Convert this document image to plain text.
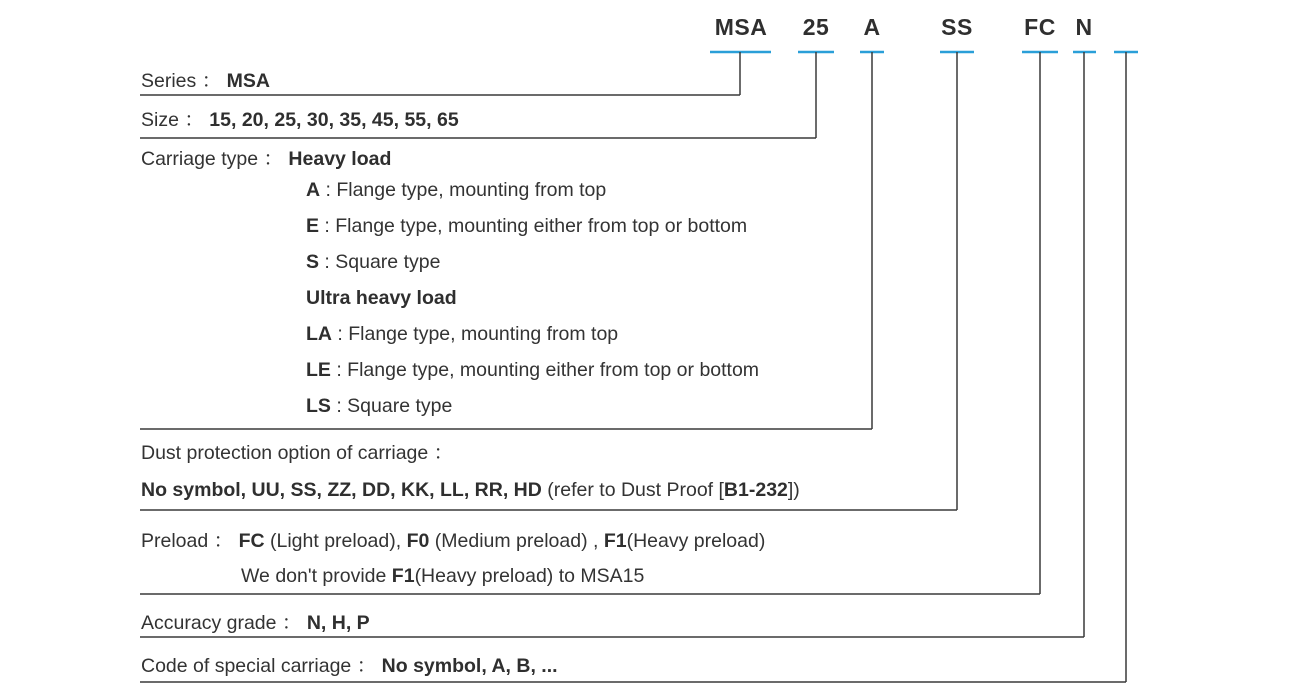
MSA	25	A	SS	FC N
Series ： MSA
Size ： 15, 20, 25, 30, 35, 45, 55, 65
Carriage type ： Heavy load
A : Flange type, mounting from top
E : Flange type, mounting either from top or bottom
S : Square type
Ultra heavy load
LA : Flange type, mounting from top
LE : Flange type, mounting either from top or bottom
LS : Square type
Dust protection option of carriage ：
No symbol, UU, SS, ZZ, DD, KK, LL, RR, HD (refer to Dust Proof [B1-232])
Preload ： FC (Light preload), F0 (Medium preload) , F1(Heavy preload)
We don't provide F1(Heavy preload) to MSA15
Accuracy grade ： N, H, P
Code of special carriage ： No symbol, A, B, ...
